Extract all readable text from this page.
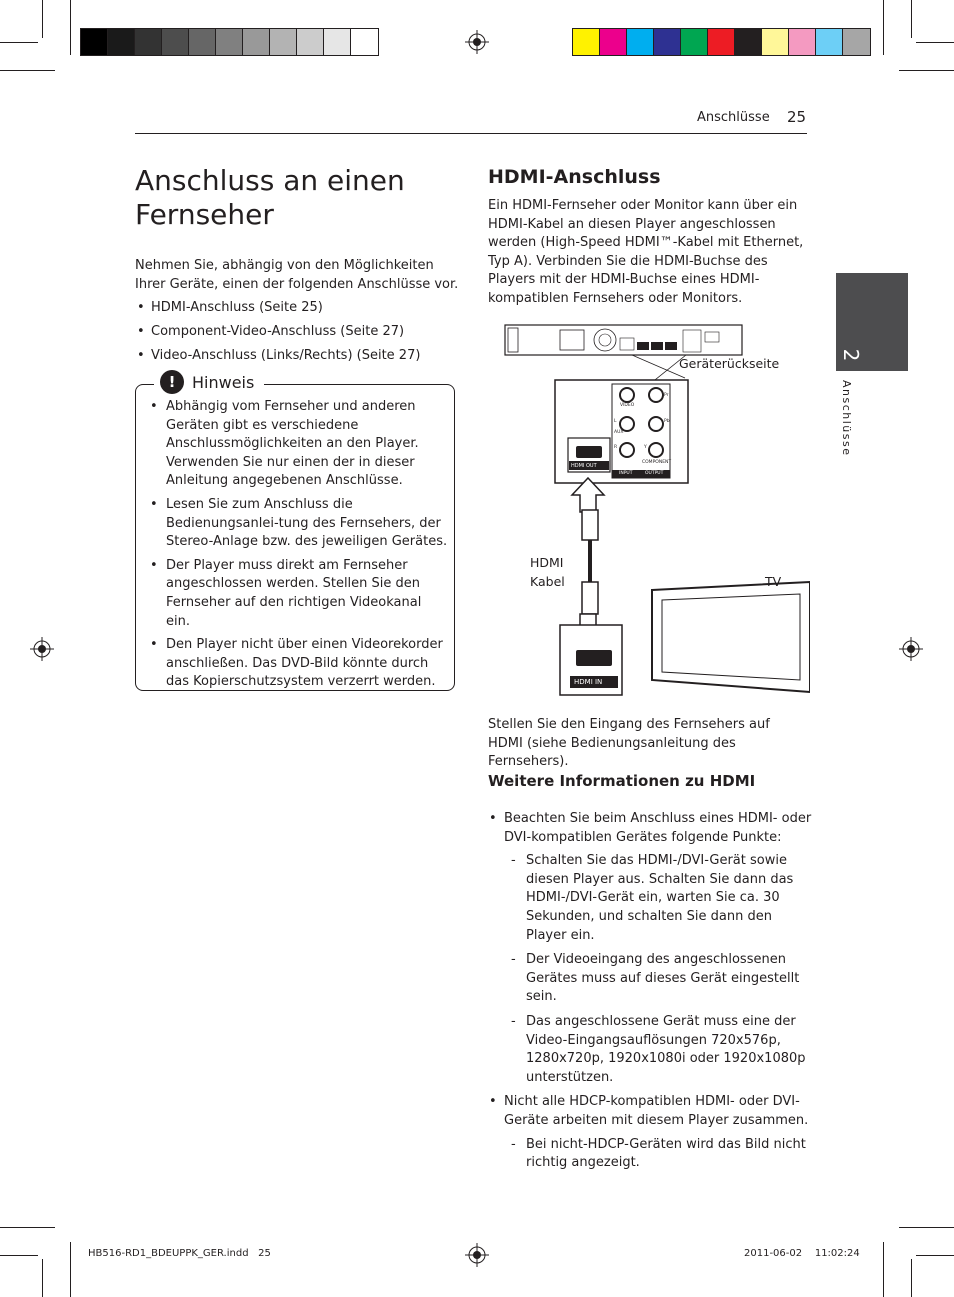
Anschlüsse 25
2
Anschlüsse
Anschluss an einen
Fernseher

Nehmen Sie, abhängig von den Möglichkeiten Ihrer Geräte, einen der folgenden Anschlüsse vor.

• HDMI-Anschluss (Seite 25)
• Component-Video-Anschluss (Seite 27)
• Video-Anschluss (Links/Rechts) (Seite 27)
!	Hinweis
• Abhängig vom Fernseher und anderen Geräten gibt es verschiedene Anschlussmöglichkeiten an den Player. Verwenden Sie nur einen der in dieser Anleitung angegebenen Anschlüsse.
• Lesen Sie zum Anschluss die Bedienungsanlei-tung des Fernsehers, der Stereo-Anlage bzw. des jeweiligen Gerätes.
• Der Player muss direkt am Fernseher angeschlossen werden. Stellen Sie den Fernseher auf den richtigen Videokanal ein.
• Den Player nicht über einen Videorekorder anschließen. Das DVD-Bild könnte durch das Kopierschutzsystem verzerrt werden.
HDMI-Anschluss

Ein HDMI-Fernseher oder Monitor kann über ein HDMI-Kabel an diesen Player angeschlossen werden (High-Speed HDMI™-Kabel mit Ethernet, Typ A). Verbinden Sie die HDMI-Buchse des Players mit der HDMI-Buchse eines HDMI-kompatiblen Fernsehers oder Monitors.

HDMI OUT
HDMI IN
VIDEO
AUX
L
R	Y
Pb
Pr
COMPONENT
INPUT	OUTPUT
Geräterückseite
HDMI
Kabel	TV

Stellen Sie den Eingang des Fernsehers auf HDMI (siehe Bedienungsanleitung des Fernsehers).

Weitere Informationen zu HDMI
• Beachten Sie beim Anschluss eines HDMI- oder DVI-kompatiblen Gerätes folgende Punkte:
- Schalten Sie das HDMI-/DVI-Gerät sowie diesen Player aus. Schalten Sie dann das HDMI-/DVI-Gerät ein, warten Sie ca. 30 Sekunden, und schalten Sie dann den Player ein.
- Der Videoeingang des angeschlossenen Gerätes muss auf dieses Gerät eingestellt sein.
- Das angeschlossene Gerät muss eine der Video-Eingangsauflösungen 720x576p, 1280x720p, 1920x1080i oder 1920x1080p unterstützen.
• Nicht alle HDCP-kompatiblen HDMI- oder DVI-Geräte arbeiten mit diesem Player zusammen.
- Bei nicht-HDCP-Geräten wird das Bild nicht richtig angezeigt.
HB516-RD1_BDEUPPK_GER.indd   25	2011-06-02   ￼￼ 11:02:24
